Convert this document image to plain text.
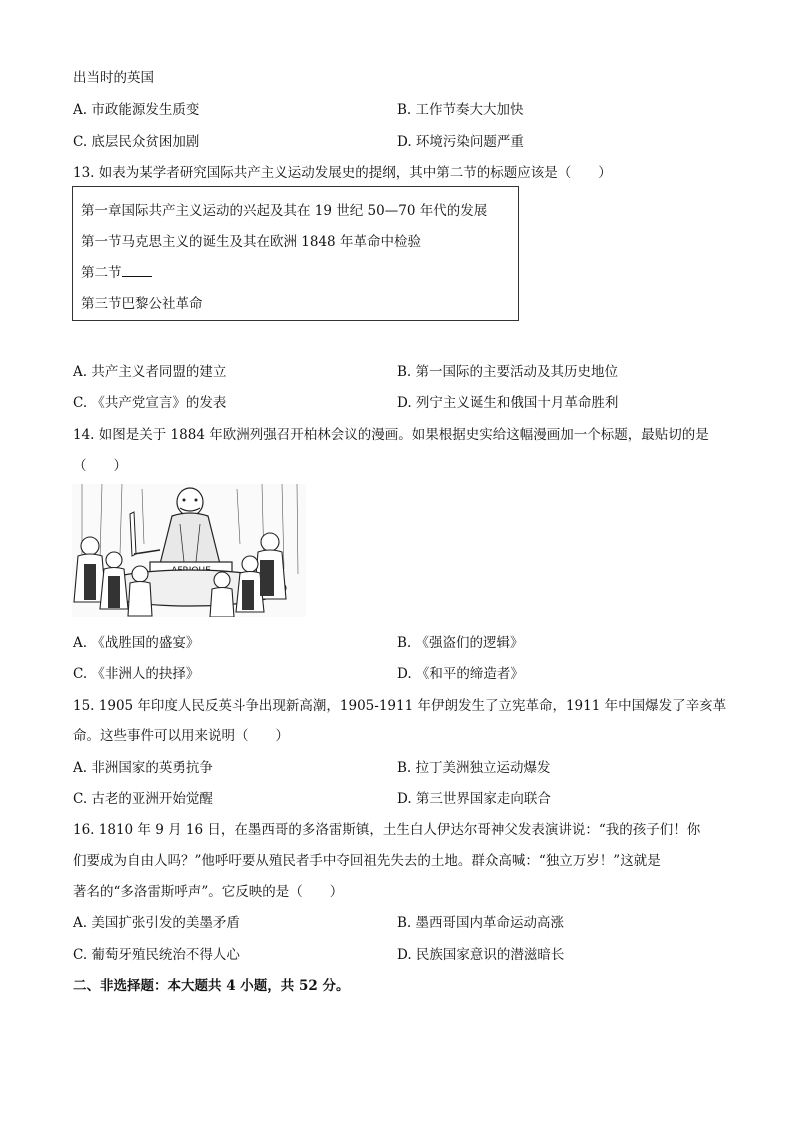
出当时的英国
A. 市政能源发生质变	B. 工作节奏大大加快
C. 底层民众贫困加剧	D. 环境污染问题严重
13. 如表为某学者研究国际共产主义运动发展史的提纲，其中第二节的标题应该是（　　）
第一章国际共产主义运动的兴起及其在 19 世纪 50—70 年代的发展
第一节马克思主义的诞生及其在欧洲 1848 年革命中检验
第二节
第三节巴黎公社革命
A. 共产主义者同盟的建立	B. 第一国际的主要活动及其历史地位
C. 《共产党宣言》的发表	D. 列宁主义诞生和俄国十月革命胜利
14. 如图是关于 1884 年欧洲列强召开柏林会议的漫画。如果根据史实给这幅漫画加一个标题，最贴切的是
（　　）
A. 《战胜国的盛宴》	B. 《强盗们的逻辑》
C. 《非洲人的抉择》	D. 《和平的缔造者》
15. 1905 年印度人民反英斗争出现新高潮，1905-1911 年伊朗发生了立宪革命，1911 年中国爆发了辛亥革
命。这些事件可以用来说明（　　）
A. 非洲国家的英勇抗争	B. 拉丁美洲独立运动爆发
C. 古老的亚洲开始觉醒	D. 第三世界国家走向联合
16. 1810 年 9 月 16 日，在墨西哥的多洛雷斯镇，土生白人伊达尔哥神父发表演讲说：“我的孩子们！你
们要成为自由人吗？”他呼吁要从殖民者手中夺回祖先失去的土地。群众高喊：“独立万岁！”这就是
著名的“多洛雷斯呼声”。它反映的是（　　）
A. 美国扩张引发的美墨矛盾	B. 墨西哥国内革命运动高涨
C. 葡萄牙殖民统治不得人心	D. 民族国家意识的潜滋暗长
二、非选择题：本大题共 4 小题，共 52 分。
